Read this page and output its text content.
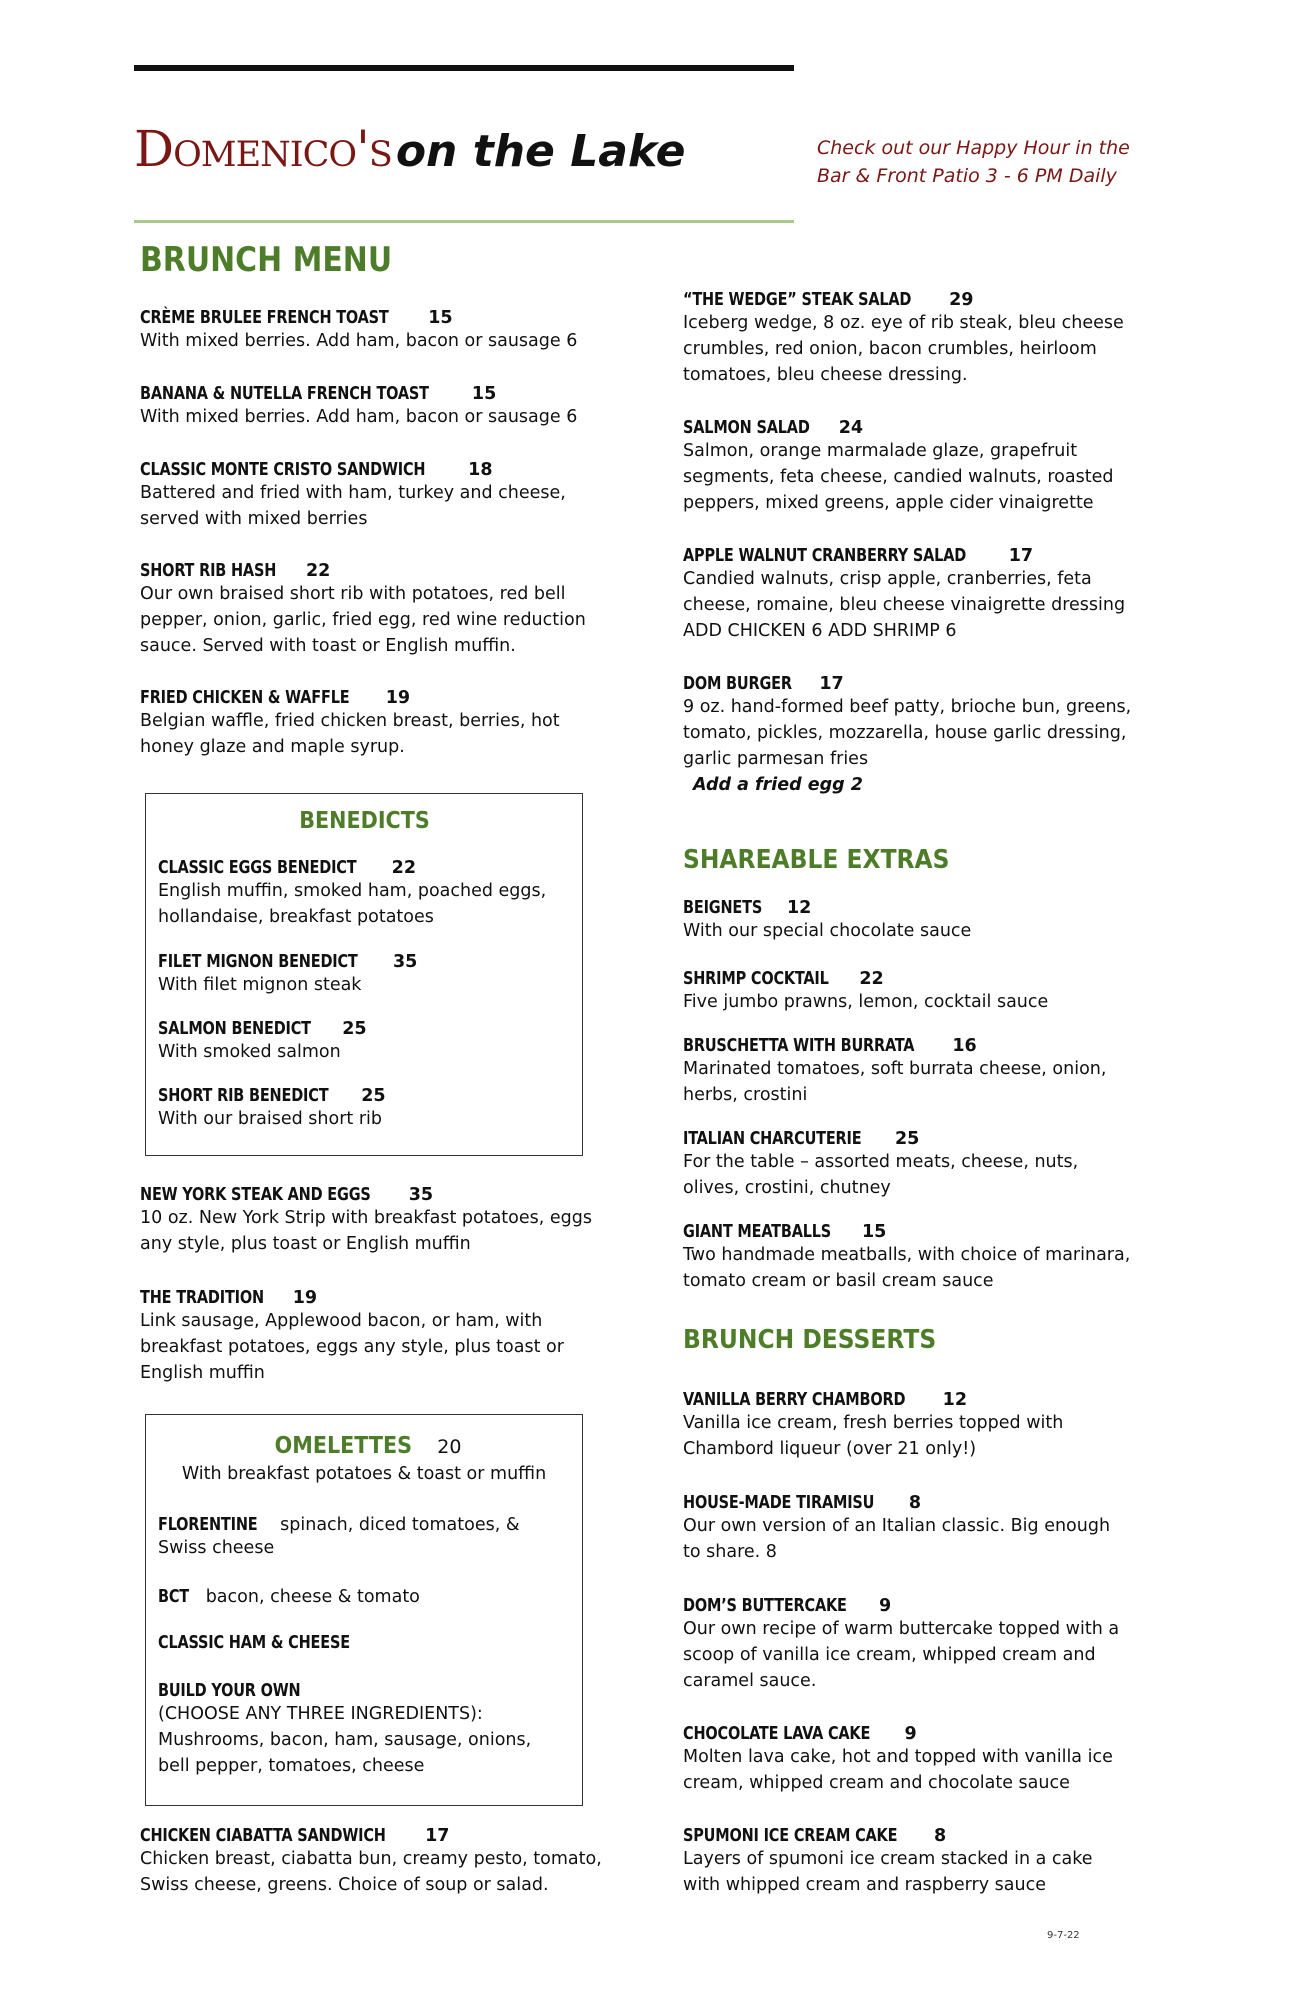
Domenico'son the Lake	Check out our Happy Hour in the
Bar & Front Patio 3 - 6 PM Daily
BRUNCH MENU
CRÈME BRULEE FRENCH TOAST 15
With mixed berries. Add ham, bacon or sausage 6
BANANA & NUTELLA FRENCH TOAST 15
With mixed berries. Add ham, bacon or sausage 6
CLASSIC MONTE CRISTO SANDWICH 18
Battered and fried with ham, turkey and cheese,
served with mixed berries
SHORT RIB HASH 22
Our own braised short rib with potatoes, red bell
pepper, onion, garlic, fried egg, red wine reduction
sauce. Served with toast or English muffin.
FRIED CHICKEN & WAFFLE 19
Belgian waffle, fried chicken breast, berries, hot
honey glaze and maple syrup.
BENEDICTS
CLASSIC EGGS BENEDICT 22
English muffin, smoked ham, poached eggs,
hollandaise, breakfast potatoes
FILET MIGNON BENEDICT 35
With filet mignon steak
SALMON BENEDICT 25
With smoked salmon
SHORT RIB BENEDICT 25
With our braised short rib
NEW YORK STEAK AND EGGS 35
10 oz. New York Strip with breakfast potatoes, eggs
any style, plus toast or English muffin
THE TRADITION 19
Link sausage, Applewood bacon, or ham, with
breakfast potatoes, eggs any style, plus toast or
English muffin
OMELETTES 20
With breakfast potatoes & toast or muffin
FLORENTINE spinach, diced tomatoes, &
Swiss cheese
BCT bacon, cheese & tomato
CLASSIC HAM & CHEESE
BUILD YOUR OWN
(CHOOSE ANY THREE INGREDIENTS):
Mushrooms, bacon, ham, sausage, onions,
bell pepper, tomatoes, cheese
CHICKEN CIABATTA SANDWICH 17
Chicken breast, ciabatta bun, creamy pesto, tomato,
Swiss cheese, greens. Choice of soup or salad.
“THE WEDGE” STEAK SALAD 29
Iceberg wedge, 8 oz. eye of rib steak, bleu cheese
crumbles, red onion, bacon crumbles, heirloom
tomatoes, bleu cheese dressing.
SALMON SALAD 24
Salmon, orange marmalade glaze, grapefruit
segments, feta cheese, candied walnuts, roasted
peppers, mixed greens, apple cider vinaigrette
APPLE WALNUT CRANBERRY SALAD 17
Candied walnuts, crisp apple, cranberries, feta
cheese, romaine, bleu cheese vinaigrette dressing
ADD CHICKEN 6 ADD SHRIMP 6
DOM BURGER 17
9 oz. hand-formed beef patty, brioche bun, greens,
tomato, pickles, mozzarella, house garlic dressing,
garlic parmesan fries
Add a fried egg 2
SHAREABLE EXTRAS
BEIGNETS 12
With our special chocolate sauce
SHRIMP COCKTAIL 22
Five jumbo prawns, lemon, cocktail sauce
BRUSCHETTA WITH BURRATA 16
Marinated tomatoes, soft burrata cheese, onion,
herbs, crostini
ITALIAN CHARCUTERIE 25
For the table – assorted meats, cheese, nuts,
olives, crostini, chutney
GIANT MEATBALLS 15
Two handmade meatballs, with choice of marinara,
tomato cream or basil cream sauce
BRUNCH DESSERTS
VANILLA BERRY CHAMBORD 12
Vanilla ice cream, fresh berries topped with
Chambord liqueur (over 21 only!)
HOUSE-MADE TIRAMISU 8
Our own version of an Italian classic. Big enough
to share. 8
DOM’S BUTTERCAKE 9
Our own recipe of warm buttercake topped with a
scoop of vanilla ice cream, whipped cream and
caramel sauce.
CHOCOLATE LAVA CAKE 9
Molten lava cake, hot and topped with vanilla ice
cream, whipped cream and chocolate sauce
SPUMONI ICE CREAM CAKE 8
Layers of spumoni ice cream stacked in a cake
with whipped cream and raspberry sauce
9-7-22
